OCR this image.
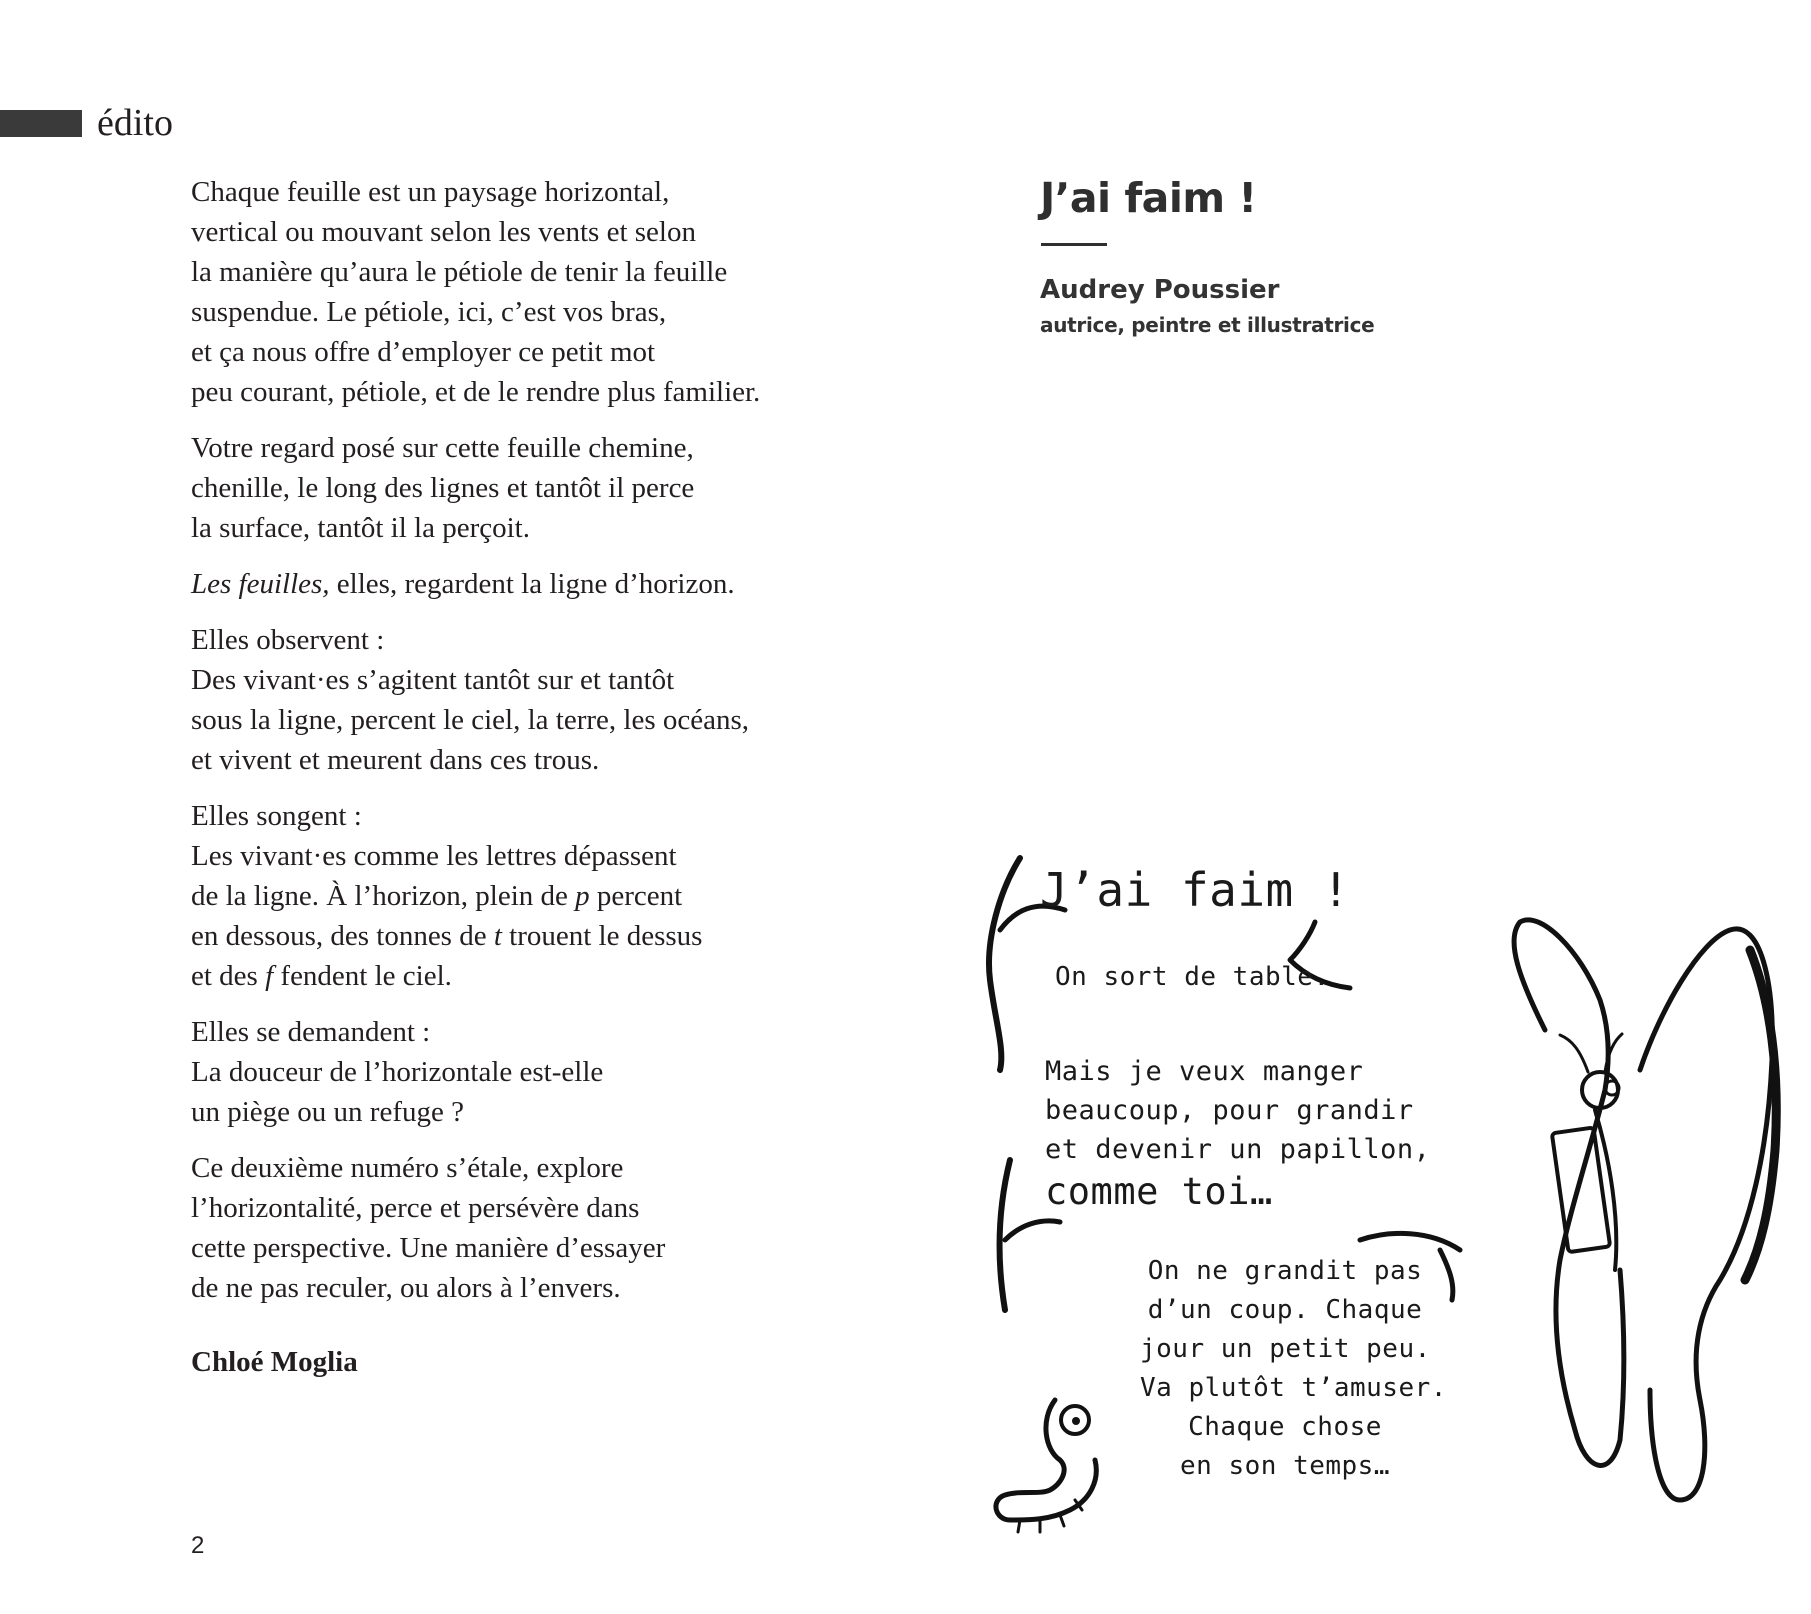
édito

Chaque feuille est un paysage horizontal,
vertical ou mouvant selon les vents et selon
la manière qu’aura le pétiole de tenir la feuille
suspendue. Le pétiole, ici, c’est vos bras,
et ça nous offre d’employer ce petit mot
peu courant, pétiole, et de le rendre plus familier.

Votre regard posé sur cette feuille chemine,
chenille, le long des lignes et tantôt il perce
la surface, tantôt il la perçoit.

Les feuilles, elles, regardent la ligne d’horizon.

Elles observent :
Des vivant·es s’agitent tantôt sur et tantôt
sous la ligne, percent le ciel, la terre, les océans,
et vivent et meurent dans ces trous.

Elles songent :
Les vivant·es comme les lettres dépassent
de la ligne. À l’horizon, plein de p percent
en dessous, des tonnes de t trouent le dessus
et des f fendent le ciel.

Elles se demandent :
La douceur de l’horizontale est-elle
un piège ou un refuge ?

Ce deuxième numéro s’étale, explore
l’horizontalité, perce et persévère dans
cette perspective. Une manière d’essayer
de ne pas reculer, ou alors à l’envers.

Chloé Moglia

2
J’ai faim !
Audrey Poussier
autrice, peintre et illustratrice
J’ai faim !
On sort de table.
Mais je veux manger
beaucoup, pour grandir
et devenir un papillon,
comme toi…
On ne grandit pas
d’un coup. Chaque
jour un petit peu.
Va plutôt t’amuser.
Chaque chose
en son temps…
